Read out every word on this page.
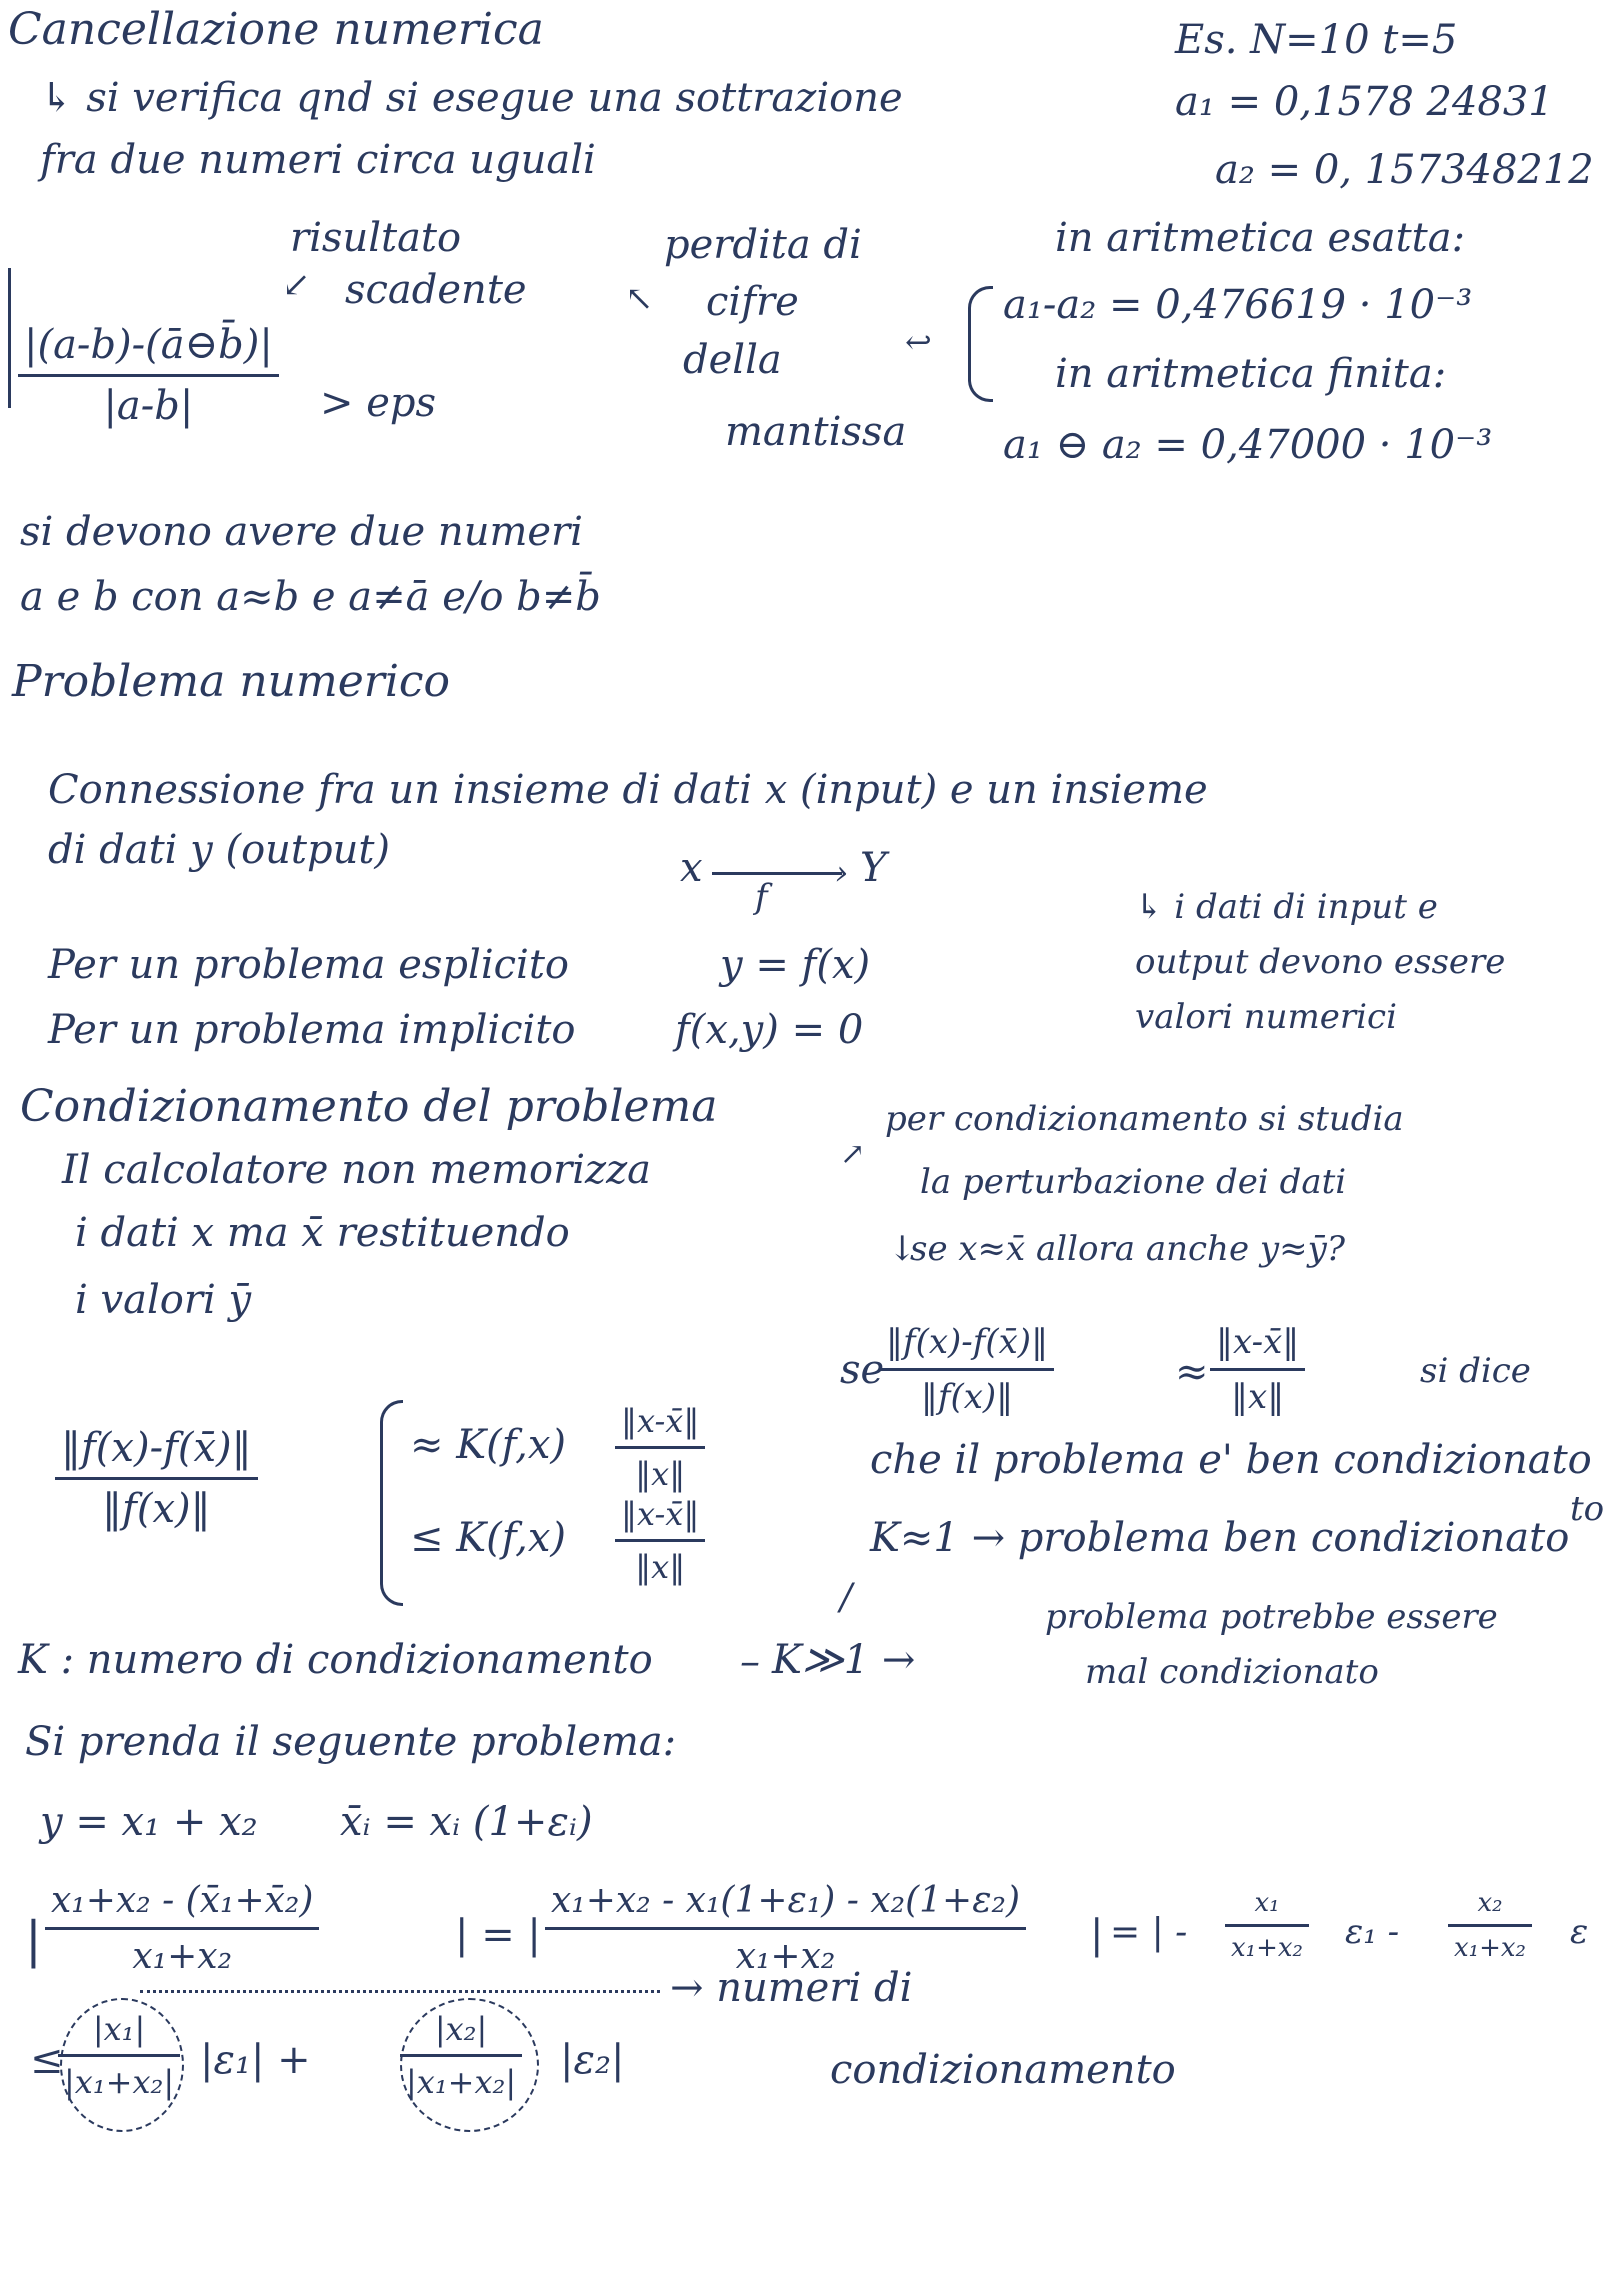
Cancellazione numerica
↳ si verifica qnd si esegue una sottrazione
fra due numeri circa uguali
risultato
scadente
↙
perdita di
cifre
della
mantissa
↖
|(a-b)-(ā⊖b̄)|
|a-b|	> eps
si devono avere due numeri
a e b con a≈b e a≠ā e/o b≠b̄
Es. N=10 t=5
a₁ = 0,1578 24831
a₂ = 0, 157348212
in aritmetica esatta:
a₁-a₂ = 0,476619 · 10⁻³
in aritmetica finita:
a₁ ⊖ a₂ = 0,47000 · 10⁻³
↩
Problema numerico
Connessione fra un insieme di dati x (input) e un insieme
di dati y (output)	x	›
f
Y
Per un problema esplicito	y = f(x)
Per un problema implicito f(x,y) = 0
↳ i dati di input e
output devono essere
valori numerici
Condizionamento del problema
Il calcolatore non memorizza
i dati x ma x̄ restituendo
i valori ȳ
↗
per condizionamento si studia
la perturbazione dei dati
se x≈x̄ allora anche y≈ȳ?
↓
se
‖f(x)-f(x̄)‖
‖f(x)‖
≈
‖x-x̄‖
‖x‖
si dice
che il problema e' ben condizionato
to
‖f(x)-f(x̄)‖
‖f(x)‖
≈ K(f,x)
‖x-x̄‖
‖x‖
≤ K(f,x)
‖x-x̄‖
‖x‖
K≈1 → problema ben condizionato
/
K≫1 →
problema potrebbe essere
mal condizionato
K : numero di condizionamento –
Si prenda il seguente problema:
y = x₁ + x₂ x̄ᵢ = xᵢ (1+εᵢ)
|
x₁+x₂ - (x̄₁+x̄₂)
x₁+x₂	| = |
x₁+x₂ - x₁(1+ε₁) - x₂(1+ε₂)
x₁+x₂	| = | -
x₁
x₁+x₂ ε₁ -
x₂
x₁+x₂ ε
≤
|x₁|
|x₁+x₂| |ε₁| +
|x₂|
|x₁+x₂| |ε₂|
→ numeri di
condizionamento
